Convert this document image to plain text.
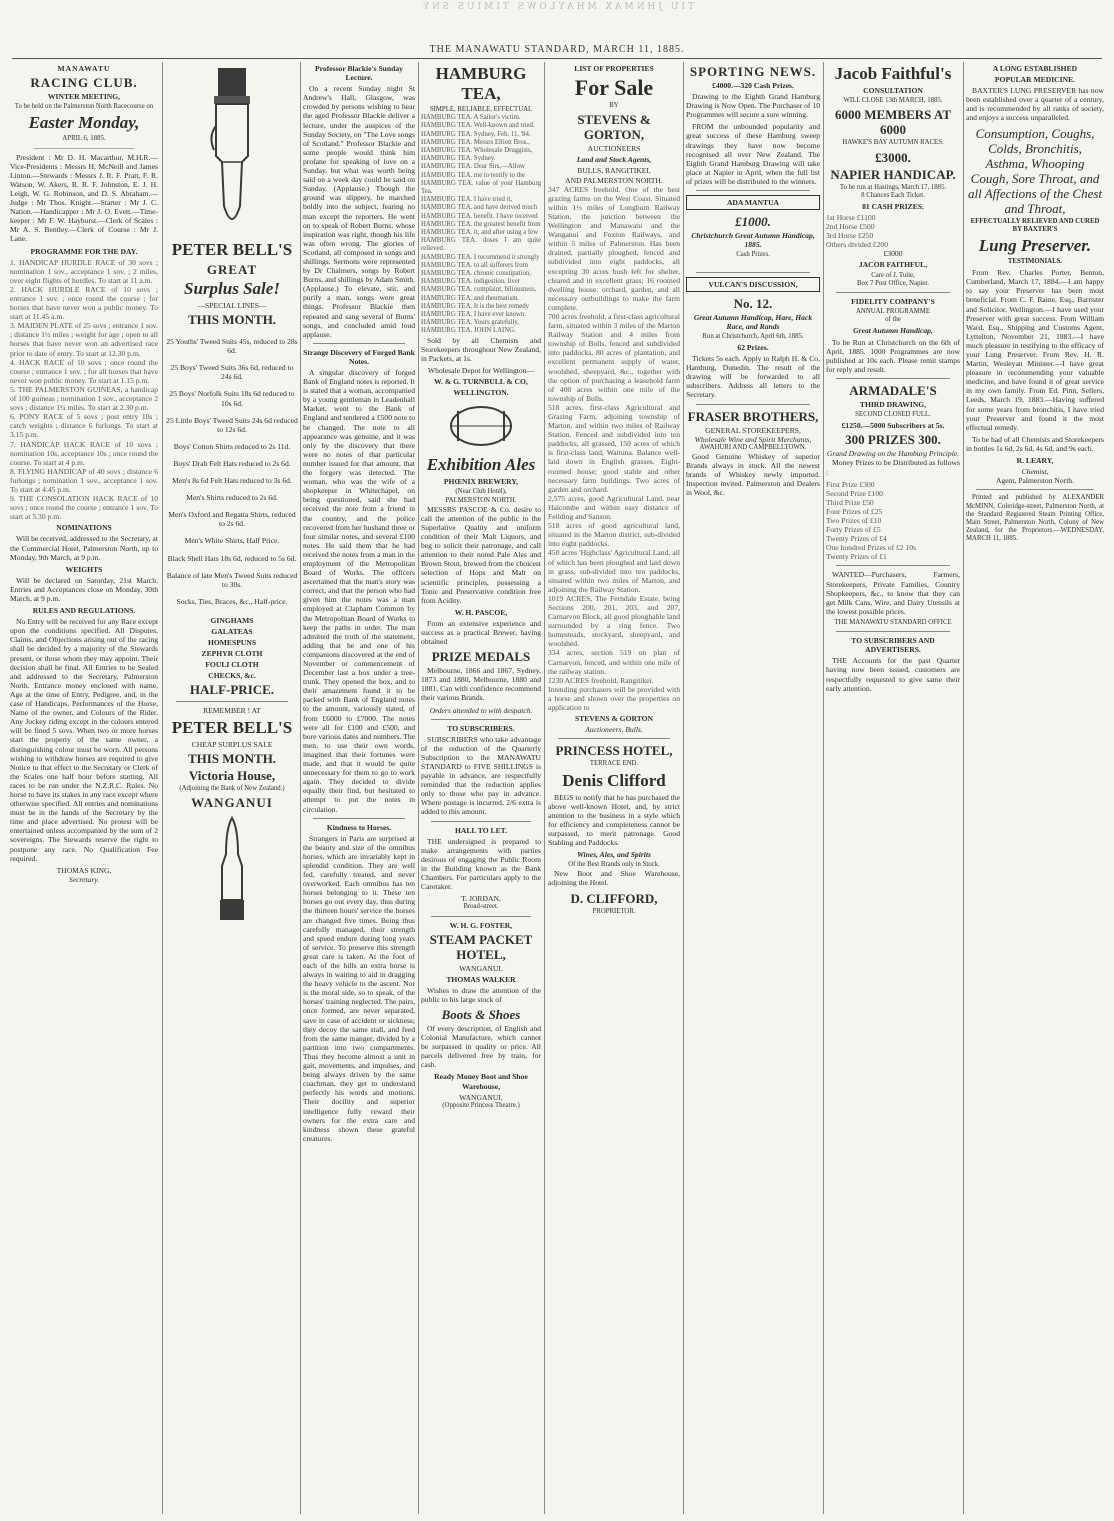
TIU JHNMAX MHAYLOWS TIMIUS SNY
THE MANAWATU STANDARD, MARCH 11, 1885.
MANAWATU
RACING CLUB.
WINTER MEETING,
To be held on the Palmerston North Racecourse on
Easter Monday,
APRIL 6, 1885.

President : Mr D. H. Macarthur, M.H.R.—Vice-Presidents : Messrs H. McNeill and James Linton.—Stewards : Messrs J. R. F. Pratt, F. R. Watson, W. Akers, R. R. F. Johnston, E. J. H. Leigh, W. G. Robinson, and D. S. Abraham.—Judge : Mr Thos. Knight.—Starter : Mr J. C. Nation.—Handicapper : Mr J. O. Evett.—Time-keeper : Mr F. W. Hayhurst.—Clerk of Scales : Mr A. S. Bentley.—Clerk of Course : Mr J. Lane.

PROGRAMME FOR THE DAY.

1. HANDICAP HURDLE RACE of 30 sovs ; nomination 1 sov., acceptance 1 sov. ; 2 miles, over eight flights of hurdles. To start at 11 a.m.
2. HACK HURDLE RACE of 10 sovs ; entrance 1 sov. ; once round the course ; for horses that have never won a public money. To start at 11.45 a.m.
3. MAIDEN PLATE of 25 sovs ; entrance 1 sov. ; distance 1½ miles ; weight for age ; open to all horses that have never won an advertised race prior to date of entry. To start at 12.30 p.m.
4. HACK RACE of 10 sovs ; once round the course ; entrance 1 sov. ; for all horses that have never won public money. To start at 1.15 p.m.
5. THE PALMERSTON GUINEAS, a handicap of 100 guineas ; nomination 1 sov., acceptance 2 sovs ; distance 1¼ miles. To start at 2.30 p.m.
6. PONY RACE of 5 sovs ; post entry 10s ; catch weights ; distance 6 furlongs. To start at 3.15 p.m.
7. HANDICAP HACK RACE of 10 sovs ; nomination 10s, acceptance 10s ; once round the course. To start at 4 p.m.
8. FLYING HANDICAP of 40 sovs ; distance 6 furlongs ; nomination 1 sov., acceptance 1 sov. To start at 4.45 p.m.
9. THE CONSOLATION HACK RACE of 10 sovs ; once round the course ; entrance 1 sov. To start at 5.30 p.m.

NOMINATIONS

Will be received, addressed to the Secretary, at the Commercial Hotel, Palmerston North, up to Monday, 9th March, at 9 p.m.

WEIGHTS

Will be declared on Saturday, 21st March. Entries and Acceptances close on Monday, 30th March, at 9 p.m.

RULES AND REGULATIONS.

No Entry will be received for any Race except upon the conditions specified. All Disputes, Claims, and Objections arising out of the racing shall be decided by a majority of the Stewards present, or those whom they may appoint. Their decision shall be final. All Entries to be Sealed and addressed to the Secretary, Palmerston North. Entrance money enclosed with name, Age at the time of Entry, Pedigree, and, in the case of Handicaps, Performances of the Horse, Name of the owner, and Colours of the Rider. Any Jockey riding except in the colours entered will be fined 5 sovs. When two or more horses start the property of the same owner, a distinguishing colour must be worn. All persons wishing to withdraw horses are required to give Notice to that effect to the Secretary or Clerk of the Scales one half hour before starting. All races to be run under the N.Z.R.C. Rules. No horse to have its stakes in any race except where otherwise specified. All entries and nominations must be in the hands of the Secretary by the time and place advertised. No protest will be entertained unless accompanied by the sum of 2 sovereigns. The Stewards reserve the right to postpone any race. No Qualification Fee required.

THOMAS KING,
Secretary.
PETER BELL'S
GREAT
Surplus Sale!
—SPECIAL LINES—
THIS MONTH.
25 Youths' Tweed Suits 45s, reduced to 28s 6d.
25 Boys' Tweed Suits 36s 6d, reduced to 24s 6d.
25 Boys' Norfolk Suits 18s 6d reduced to 10s 6d.
25 Little Boys' Tweed Suits 24s 6d reduced to 12s 6d.
Boys' Cotton Shirts reduced to 2s 11d.
Boys' Drab Felt Hats reduced to 2s 6d.
Men's 8s 6d Felt Hats reduced to 3s 6d.
Men's Shirts reduced to 2s 6d.
Men's Oxford and Regatta Shirts, reduced to 2s 6d.
Men's White Shirts, Half Price.
Black Shell Hats 18s 6d, reduced to 5s 6d.
Balance of late Men's Tweed Suits reduced to 30s.
Socks, Ties, Braces, &c., Half-price.
GINGHAMS
GALATEAS
HOMESPUNS
ZEPHYR CLOTH
FOULI CLOTH
CHECKS, &c.
HALF-PRICE.
REMEMBER ! AT
PETER BELL'S
CHEAP SURPLUS SALE
THIS MONTH.
Victoria House,
(Adjoining the Bank of New Zealand.)
WANGANUI
Professor Blackie's Sunday Lecture.

On a recent Sunday night St Andrew's Hall, Glasgow, was crowded by persons wishing to hear the aged Professor Blackie deliver a lecture, under the auspices of the Sunday Society, on "The Love songs of Scotland." Professor Blackie and some people would think him profane for speaking of love on a Sunday, but what was worth being said on a week day could be said on Sunday. (Applause.) Though the ground was slippery, he marched boldly into the subject, fearing no man except the reporters. He went on to speak of Robert Burns, whose inspiration was right, though his life was often wrong. The glories of Scotland, all composed in songs and shillings. Sermons were represented by Dr Chalmers, songs by Robert Burns, and shillings by Adam Smith. (Applause.) To elevate, stir, and purify a man, songs were great things. Professor Blackie then repeated and sang several of Burns' songs, and concluded amid loud applause.

Strange Discovery of Forged Bank Notes.

A singular discovery of forged Bank of England notes is reported. It is stated that a woman, accompanied by a young gentleman in Leadenhall Market, went to the Bank of England and tendered a £500 note to be changed. The note to all appearance was genuine, and it was only by the discovery that there were no notes of that particular number issued for that amount, that the forgery was detected. The woman, who was the wife of a shopkeeper in Whitechapel, on being questioned, said she had received the note from a friend in the country, and the police recovered from her husband three or four similar notes, and several £100 notes. He said them that he had received the notes from a man in the employment of the Metropolitan Board of Works. The officers ascertained that the man's story was correct, and that the person who had given him the notes was a man employed at Clapham Common by the Metropolitan Board of Works to keep the paths in order. The man admitted the truth of the statement, adding that he and one of his companions discovered at the end of November or commencement of December last a box under a tree-trunk. They opened the box, and to their amazement found it to be packed with Bank of England notes to the amount, variously stated, of from £6000 to £7000. The notes were all for £100 and £500, and bore various dates and numbers. The men, to use their own words, imagined that their fortunes were made, and that it would be quite unnecessary for them to go to work again. They decided to divide equally their find, but hesitated to attempt to put the notes in circulation.

Kindness to Horses.

Strangers in Paris are surprised at the beauty and size of the omnibus horses, which are invariably kept in splendid condition. They are well fed, carefully treated, and never overworked. Each omnibus has ten horses belonging to it. These ten horses go out every day, thus during the thirteen hours' service the horses are changed five times. Being thus carefully managed, their strength and speed endure during long years of service. To preserve this strength great care is taken. At the foot of each of the hills an extra horse is always in waiting to aid in dragging the heavy vehicle to the ascent. Nor is the moral side, so to speak, of the horses' training neglected. The pairs, once formed, are never separated, save in case of accident or sickness; they decoy the same stall, and feed from the same manger, divided by a partition into two compartments. Thus they become almost a unit in gait, movements, and impulses, and being always driven by the same coachman, they get to understand perfectly his words and motions. Their docility and superior intelligence fully reward their owners for the extra care and kindness shown these grateful creatures.

HAMBURG TEA,
SIMPLE, RELIABLE, EFFECTUAL

HAMBURG TEA. A Sailor's victim.
HAMBURG TEA. Well-known and tried.
HAMBURG TEA. Sydney, Feb. 11, '84.
HAMBURG TEA. Messrs Elliott Bros.,
HAMBURG TEA. Wholesale Druggists,
HAMBURG TEA. Sydney.
HAMBURG TEA. Dear Sirs,—Allow
HAMBURG TEA. me to testify to the
HAMBURG TEA. value of your Hamburg Tea.
HAMBURG TEA. I have tried it,
HAMBURG TEA. and have derived much
HAMBURG TEA. benefit. I have received
HAMBURG TEA. the greatest benefit from
HAMBURG TEA. it, and after using a few
HAMBURG TEA. doses I am quite relieved.
HAMBURG TEA. I recommend it strongly
HAMBURG TEA. to all sufferers from
HAMBURG TEA. chronic constipation,
HAMBURG TEA. indigestion, liver
HAMBURG TEA. complaint, biliousness,
HAMBURG TEA. and rheumatism.
HAMBURG TEA. It is the best remedy
HAMBURG TEA. I have ever known.
HAMBURG TEA. Yours gratefully,
HAMBURG TEA. JOHN LAING.

Sold by all Chemists and Storekeepers throughout New Zealand, in Packets, at 1s.

Wholesale Depot for Wellington—
W. & G. TURNBULL & CO,
WELLINGTON.
Exhibition Ales
PHŒNIX BREWERY,
(Near Club Hotel),
PALMERSTON NORTH.

MESSRS PASCOE & Co. desire to call the attention of the public to the Superlative Quality and uniform condition of their Malt Liquors, and beg to solicit their patronage, and call attention to their noted Pale Ales and Brown Stout, brewed from the choicest selection of Hops and Malt on scientific principles, possessing a Tonic and Preservative condition free from Acidity.

W. H. PASCOE,

From an extensive experience and success as a practical Brewer, having obtained

PRIZE MEDALS

Melbourne, 1866 and 1867, Sydney, 1873 and 1880, Melbourne, 1880 and 1881, Can with confidence recommend their various Brands.

Orders attended to with despatch.
TO SUBSCRIBERS.

SUBSCRIBERS who take advantage of the reduction of the Quarterly Subscription to the MANAWATU STANDARD to FIVE SHILLINGS is payable in advance, are respectfully reminded that the reduction applies only to those who pay in advance. Where postage is incurred, 2/6 extra is added to this amount.

HALL TO LET.

THE undersigned is prepared to make arrangements with parties desirous of engaging the Public Room in the Building known as the Bank Chambers. For particulars apply to the Caretaker.

T. JORDAN,
Broad-street.
W. H. G. FOSTER,
STEAM PACKET HOTEL,
WANGANUI.
THOMAS WALKER

Wishes to draw the attention of the public to his large stock of

Boots & Shoes

Of every description, of English and Colonial Manufacture, which cannot be surpassed in quality or price. All parcels delivered free by train, for cash.

Ready Money Boot and Shoe Warehouse,
WANGANUI,
(Opposite Princess Theatre.)
LIST OF PROPERTIES
For Sale
BY
STEVENS & GORTON,
AUCTIONEERS
Land and Stock Agents,
BULLS, RANGITIKEI,
AND PALMERSTON NORTH.

347 ACRES freehold. One of the best grazing farms on the West Coast. Situated within 1½ miles of Longburn Railway Station, the junction between the Wellington and Manawatu and the Wanganui and Foxton Railways, and within 5 miles of Palmerston. Has been drained, partially ploughed, fenced and subdivided into eight paddocks, all excepting 30 acres bush left for shelter, cleared and in excellent grass; 16 roomed dwelling house, orchard, garden, and all necessary outbuildings to make the farm complete.
700 acres freehold, a first-class agricultural farm, situated within 3 miles of the Marton Railway Station and 4 miles from township of Bulls, fenced and subdivided into paddocks, 80 acres of plantation, and excellent permanent supply of water, woolshed, sheepyard, &c., together with the option of purchasing a leasehold farm of 400 acres within one mile of the township of Bulls.
518 acres, first-class Agricultural and Grazing Farm, adjoining township of Marton, and within two miles of Railway Station. Fenced and subdivided into ten paddocks, all grassed, 150 acres of which is first-class land, Waituna. Balance well-laid down in English grasses. Eight-roomed house; good stable and other necessary farm buildings. Two acres of garden and orchard.
2,575 acres, good Agricultural Land, near Halcombe and within easy distance of Feilding and Sanson.
518 acres of good agricultural land, situated in the Marton district, sub-divided into eight paddocks.
450 acres 'Highclass' Agricultural Land, all of which has been ploughed and laid down in grass, sub-divided into ten paddocks, situated within two miles of Marton, and adjoining the Railway Station.
1019 ACRES, The Ferndale Estate, being Sections 200, 201, 203, and 207, Carnarvon Block, all good ploughable land surrounded by a ring fence. Two homesteads, stockyard, sheepyard, and woolshed.
334 acres, section 519 on plan of Carnarvon, fenced, and within one mile of the railway station.
1230 ACRES freehold, Rangitikei.
Intending purchasers will be provided with a horse and shown over the properties on application to

STEVENS & GORTON
Auctioneers, Bulls.
PRINCESS HOTEL,
TERRACE END.
Denis Clifford

BEGS to notify that he has purchased the above well-known Hotel, and, by strict attention to the business in a style which for efficiency and completeness cannot be surpassed, to merit patronage. Good Stabling and Paddocks.

Wines, Ales, and Spirits
Of the Best Brands only in Stock.

New Boot and Shoe Warehouse, adjoining the Hotel.

D. CLIFFORD,
PROPRIETOR.
SPORTING NEWS.
£4000.—320 Cash Prizes.

Drawing to the Eighth Grand Hamburg Drawing is Now Open. The Purchaser of 10 Programmes will secure a sure winning.

FROM the unbounded popularity and great success of these Hamburg sweep drawings they have now become recognised all over New Zealand. The Eighth Grand Hamburg Drawing will take place at Napier in April, when the full list of prizes will be distributed to the winners.

ADA MANTUA
£1000.
Christchurch Great Autumn Handicap, 1885.
Cash Prizes.
VULCAN'S DISCUSSION,
No. 12.
Great Autumn Handicap, Hare, Hack Race, and Rands
Run at Christchurch, April 6th, 1885.
62 Prizes.

Tickets 5s each. Apply to Ralph H. & Co, Hamburg, Dunedin. The result of the drawing will be forwarded to all subscribers. Address all letters to the Secretary.

FRASER BROTHERS,
GENERAL STOREKEEPERS,
Wholesale Wine and Spirit Merchants,
AWAHURI AND CAMPBELLTOWN.

Good Genuine Whiskey of superior Brands always in stock. All the newest brands of Whiskey newly imported. Inspection invited. Palmerston and Dealers in Wool, &c.

Jacob Faithful's
CONSULTATION
WILL CLOSE 13th MARCH, 1885.
6000 MEMBERS AT 6000
HAWKE'S BAY AUTUMN RACES.
£3000.
NAPIER HANDICAP.
To be run at Hastings, March 17, 1885.
8 Chances Each Ticket.
81 CASH PRIZES.

1st Horse £1100
2nd Horse £500
3rd Horse £250
Others divided £200

£3000
JACOB FAITHFUL,
Care of J. Tuite,
Box 7 Post Office, Napier.
FIDELITY COMPANY'S
ANNUAL PROGRAMME
of the
Great Autumn Handicap,

To be Run at Christchurch on the 6th of April, 1885. 1000 Programmes are now published at 10s each. Please remit stamps for reply and result.

ARMADALE'S
THIRD DRAWING,
SECOND CLOSED FULL.
£1250.—5000 Subscribers at 5s.
300 PRIZES 300.
Grand Drawing on the Hamburg Principle.

Money Prizes to be Distributed as follows :

First Prize £300
Second Prize £100
Third Prize £50
Four Prizes of £25
Two Prizes of £10
Forty Prizes of £5
Twenty Prizes of £4
One hundred Prizes of £2 10s
Twenty Prizes of £1

WANTED—Purchasers, Farmers, Storekeepers, Private Families, Country Shopkeepers, &c., to know that they can get Milk Cans, Wire, and Dairy Utensils at the lowest possible prices.

THE MANAWATU STANDARD OFFICE
TO SUBSCRIBERS AND ADVERTISERS.

THE Accounts for the past Quarter having now been issued, customers are respectfully requested to give same their early attention.

A LONG ESTABLISHED
POPULAR MEDICINE.

BAXTER'S LUNG PRESERVER has now been established over a quarter of a century, and is recommended by all ranks of society, and enjoys a success unparalleled.

Consumption, Coughs, Colds, Bronchitis, Asthma, Whooping Cough, Sore Throat, and all Affections of the Chest and Throat,
EFFECTUALLY RELIEVED AND CURED BY BAXTER'S
Lung Preserver.
TESTIMONIALS.

From Rev. Charles Porter, Benton, Cumberland, March 17, 1884.—I am happy to say your Preserver has been most beneficial. From C. F. Raine, Esq., Barrister and Solicitor, Wellington.—I have used your Preserver with great success. From William Ward, Esq., Shipping and Customs Agent, Lyttelton, November 21, 1883.—I have much pleasure in testifying to the efficacy of your Lung Preserver. From Rev. H. R. Martin, Wesleyan Minister.—I have great pleasure in recommending your valuable medicine, and have found it of great service in my own family. From Ed. Pinn, Sellers, Leeds, March 19, 1883.—Having suffered for some years from bronchitis, I have tried your Preserver and found it the most effectual remedy.

To be had of all Chemists and Storekeepers in bottles 1s 6d, 2s 6d, 4s 6d, and 9s each.

R. LEARY,
Chemist,
Agent, Palmerston North.

Printed and published by ALEXANDER McMINN, Coleridge-street, Palmerston North, at the Standard Registered Steam Printing Office, Main Street, Palmerston North, Colony of New Zealand, for the Proprietors.—WEDNESDAY, MARCH 11, 1885.
